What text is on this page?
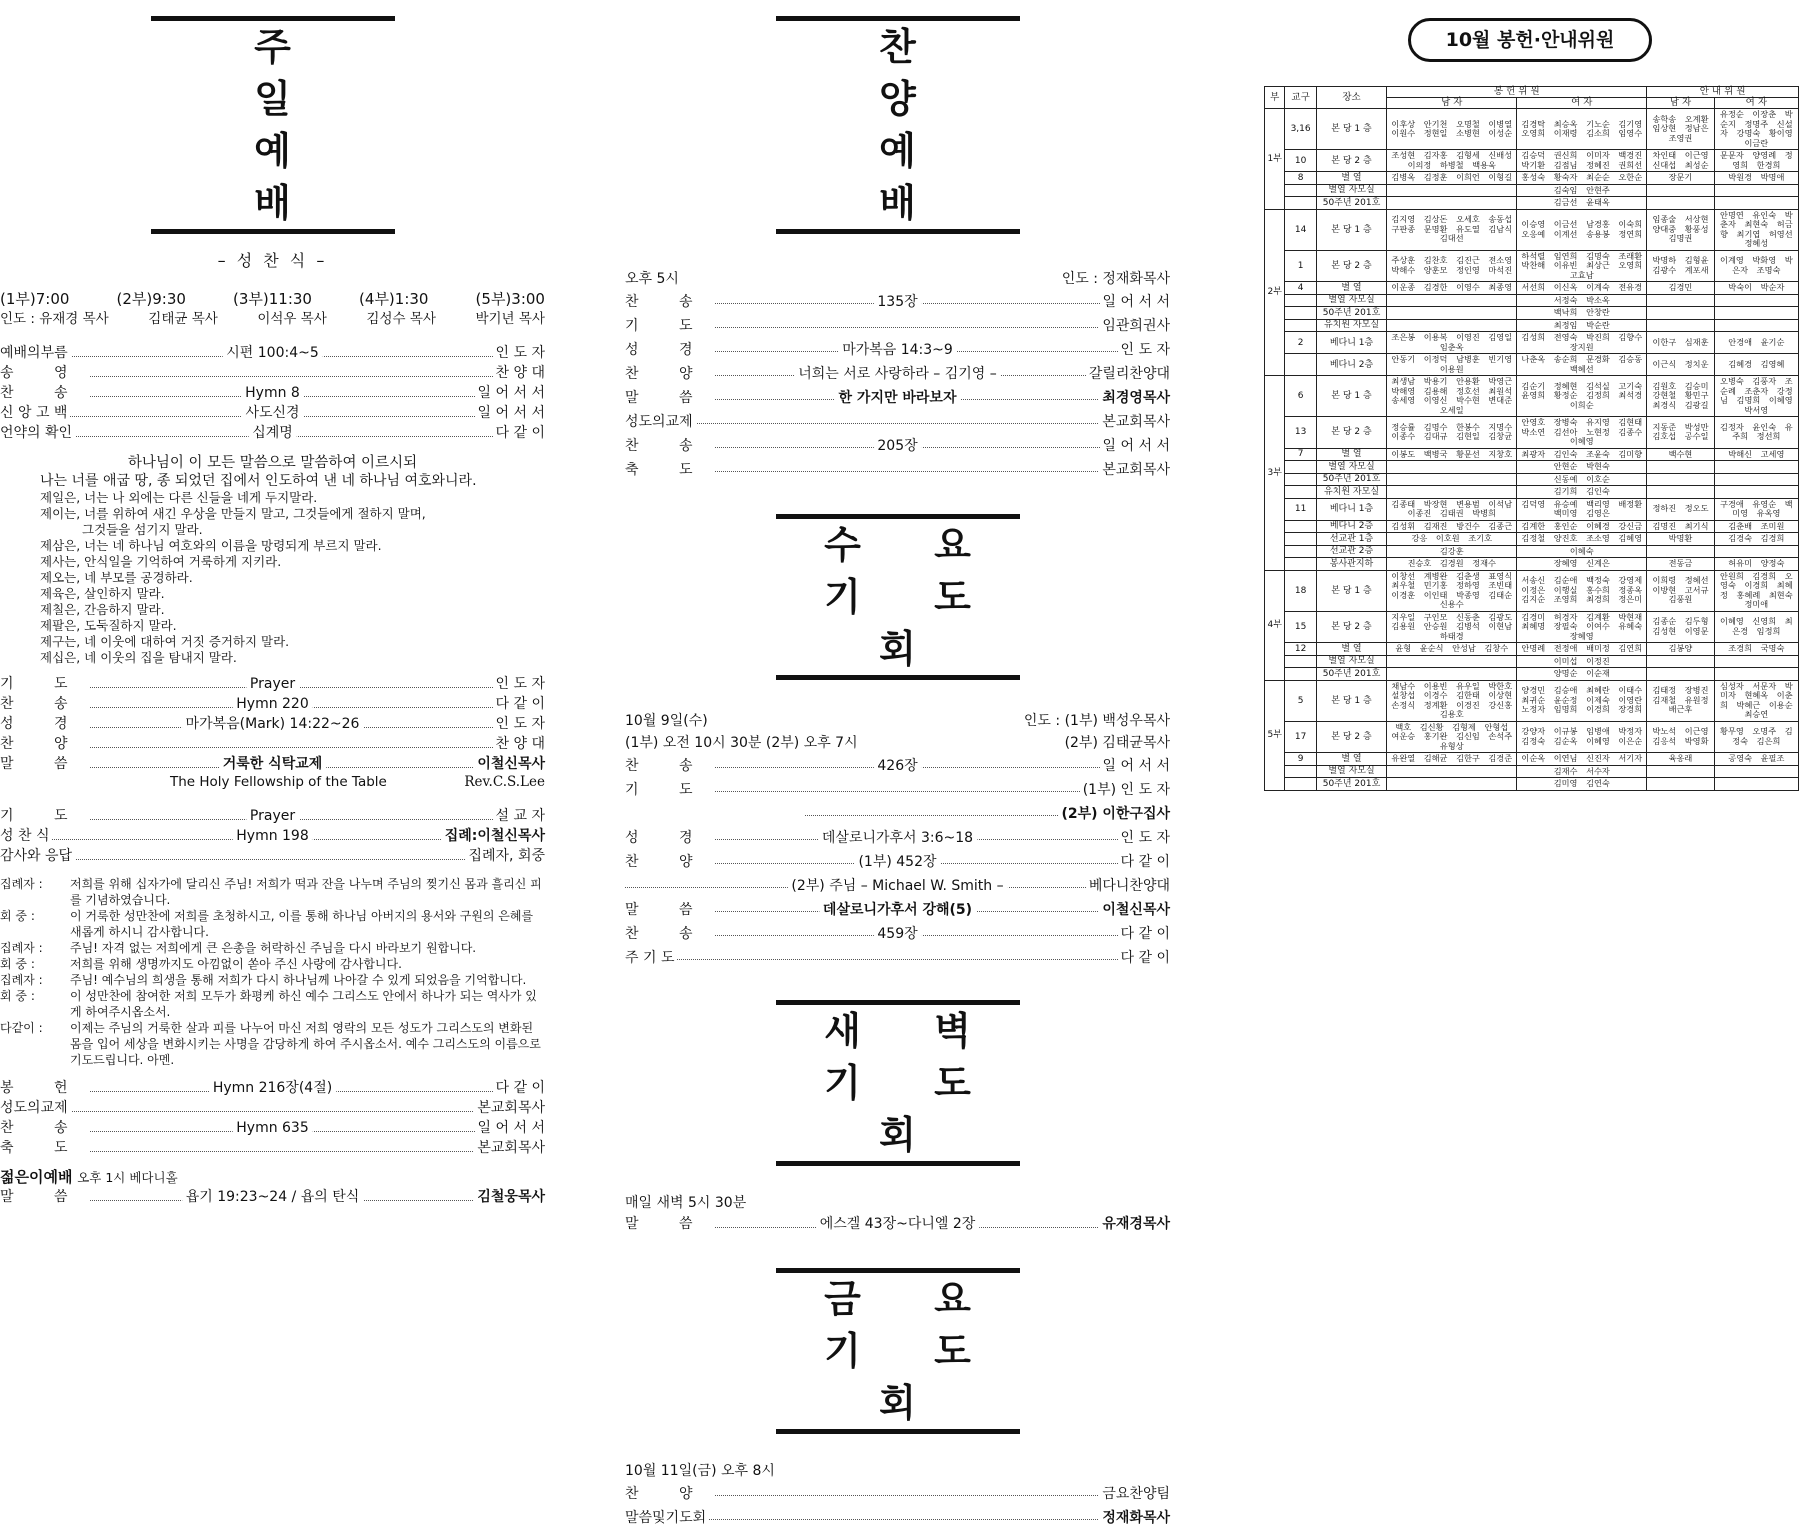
주 일 예 배
– 성 찬 식 –
(1부)7:00	(2부)9:30	(3부)11:30	(4부)1:30	(5부)3:00
인도 : 유재경 목사	김태균 목사	이석우 목사	김성수 목사	박기년 목사
예배의부름	시편 100:4~5	인 도 자
송 영	찬 양 대
찬 송	Hymn 8	일 어 서 서
신 앙 고 백	사도신경	일 어 서 서
언약의 확인	십계명	다 같 이
하나님이 이 모든 말씀으로 말씀하여 이르시되
나는 너를 애굽 땅, 종 되었던 집에서 인도하여 낸 네 하나님 여호와니라.
제일은, 너는 나 외에는 다른 신들을 네게 두지말라.
제이는, 너를 위하여 새긴 우상을 만들지 말고, 그것들에게 절하지 말며,
그것들을 섬기지 말라.
제삼은, 너는 네 하나님 여호와의 이름을 망령되게 부르지 말라.
제사는, 안식일을 기억하여 거룩하게 지키라.
제오는, 네 부모를 공경하라.
제육은, 살인하지 말라.
제칠은, 간음하지 말라.
제팔은, 도둑질하지 말라.
제구는, 네 이웃에 대하여 거짓 증거하지 말라.
제십은, 네 이웃의 집을 탐내지 말라.
기 도	Prayer	인 도 자
찬 송	Hymn 220	다 같 이
성 경	마가복음(Mark) 14:22~26	인 도 자
찬 양	찬 양 대
말 씀	거룩한 식탁교제	이철신목사
The Holy Fellowship of the Table	Rev.C.S.Lee
기 도	Prayer	설 교 자
성 찬 식	Hymn 198	집례:이철신목사
감사와 응답	집례자, 회중
집례자 :	저희를 위해 십자가에 달리신 주님! 저희가 떡과 잔을 나누며 주님의 찢기신 몸과 흘리신 피를 기념하였습니다.
회 중 :	이 거룩한 성만찬에 저희를 초청하시고, 이를 통해 하나님 아버지의 용서와 구원의 은혜를 새롭게 하시니 감사합니다.
집례자 :	주님! 자격 없는 저희에게 큰 은총을 허락하신 주님을 다시 바라보기 원합니다.
회 중 :	저희를 위해 생명까지도 아낌없이 쏟아 주신 사랑에 감사합니다.
집례자 :	주님! 예수님의 희생을 통해 저희가 다시 하나님께 나아갈 수 있게 되었음을 기억합니다.
회 중 :	이 성만찬에 참여한 저희 모두가 화평케 하신 예수 그리스도 안에서 하나가 되는 역사가 있게 하여주시옵소서.
다같이 :	이제는 주님의 거룩한 살과 피를 나누어 마신 저희 영락의 모든 성도가 그리스도의 변화된 몸을 입어 세상을 변화시키는 사명을 감당하게 하여 주시옵소서. 예수 그리스도의 이름으로 기도드립니다. 아멘.
봉 헌	Hymn 216장(4절)	다 같 이
성도의교제	본교회목사
찬 송	Hymn 635	일 어 서 서
축 도	본교회목사
젊은이예배 오후 1시 베다니홀
말 씀	욥기 19:23~24 / 욥의 탄식	김철웅목사
찬 양 예 배
오후 5시	인도 : 정재화목사
찬 송	135장	일 어 서 서
기 도	임관희권사
성 경	마가복음 14:3~9	인 도 자
찬 양	너희는 서로 사랑하라 – 김기영 –	갈릴리찬양대
말 씀	한 가지만 바라보자	최경영목사
성도의교제	본교회목사
찬 송	205장	일 어 서 서
축 도	본교회목사
수 요 기 도 회
10월 9일(수)	인도 : (1부) 백성우목사
(1부) 오전 10시 30분 (2부) 오후 7시	(2부) 김태균목사
찬 송	426장	일 어 서 서
기 도	(1부) 인 도 자
(2부) 이한구집사
성 경	데살로니가후서 3:6~18	인 도 자
찬 양	(1부) 452장	다 같 이
(2부) 주님 – Michael W. Smith –	베다니찬양대
말 씀	데살로니가후서 강해(5)	이철신목사
찬 송	459장	다 같 이
주 기 도	다 같 이
새 벽 기 도 회
매일 새벽 5시 30분
말 씀	에스겔 43장~다니엘 2장	유재경목사
금 요 기 도 회
10월 11일(금) 오후 8시
찬 양	금요찬양팀
말씀및기도회	정재화목사
10월 봉헌·안내위원
부	교구	장소	봉 헌 위 원		안 내 위 원	
			남 자	여 자	남 자	여 자
1부	3,16	본 당 1 층	이후상 안기천 오명철 이병열 이원수 정현일 소병현 이성순	김경탁 최승옥 기노순 김기영 오영희 이재령 김소희 임영수	송학송 오계환 임상현 정남은 조영권	유정순 이장춘 박순지 정명주 신설자 강명숙 황이영 이금란

	10	본 당 2 층	조성현 김자홍 김형세 신배성 이의정 하병철 백용욱	김승덕 권신희 이미자 백경진 박기환 김점님 정혜진 권희선	차인태 이근영 신대섭 최성순	문문자 양영례 정영희 한경희

	8	별 열	김병옥 김정훈 이희언 이형길	홍성숙 황숙자 최순순 오한순	장문기	박원경 박명애

		별열 자모실		김숙임 안현주		

		50주년 201호		김금선 윤태옥		

2부	14	본 당 1 층	김지영 김상돈 오세호 송동섭 구판종 문명환 유도열 김남식 김대선	이승영 이금선 남경홍 이숙희 오응예 이계선 송용봉 정연희	임종술 서상현 양대중 황풍성 김명권	안명연 유인숙 박춘자 최현숙 허금향 최기엽 허영선 정혜성

	1	본 당 2 층	주상훈 김찬호 김진근 전소영 박해수 양훈모 정인영 마석진	하석렬 임연희 김명숙 조래환 박찬해 이유빈 최상근 오영희 고효남	박명하 김형윤 김광수 계포새	이계영 박화영 박은자 조명숙

	4	별 열	이운종 김경한 이영수 최종영	서선희 이신옥 이계숙 전유경	김경민	박숙이 박순자

		별열 자모실		서정숙 박소옥		

		50주년 201호		백낙희 안창란		

		유치원 자모실		최정임 박순란		

	2	베다니 1층	조은봉 이용복 이영진 김영일 임춘옥	김성희 전영숙 박진희 김향수 장지원	이한구 심재훈	안경애 윤기순

		베다니 2층	안동기 이정덕 남병훈 빈기영 이용원	나춘옥 송순희 문경화 김승동 백혜선	이근식 정치운	김혜경 김영혜

3부	6	본 당 1 층	최생남 박용기 안용환 박영근 박해영 김용해 정호선 최원석 송세영 이영신 박수현 변대준 오세일	김순기 정혜현 김석실 고기숙 윤영희 황정순 김정희 최석경 이희순	김원호 김승미 강현철 황민구 최경식 김광길	오병숙 김풍자 조순례 조춘자 강정님 김명희 이혜영 박서영

	13	본 당 2 층	정승률 김명수 한봉수 지명수 이종수 김대규 김현일 김창균	안영호 장병숙 유지영 김현태 박소연 김선아 노현정 김종수 이혜영	지동준 박성만 김호섭 공수일	김정자 윤인숙 유주희 정선희

	7	별 열	이봉도 백병국 황문선 지창호	최광자 김인숙 조윤숙 김미향	백수현	박해신 고세영

		별열 자모실		안현순 박현숙		

		50주년 201호		신동예 이호순		

		유치원 자모실		김기희 김인숙		

	11	베다니 1층	김종태 박장현 변용범 이석남 이종진 김태권 박병희	김덕영 유승예 백리영 배정환 백미영 김영은	정하진 정오도	구경애 유영순 백미영 유옥영

		베다니 2층	김성휘 김재진 방건수 김종근	김계한 홍인순 이혜경 강신금	김명진 최기식	김춘배 조미원

		선교관 1층	강응 이호원 조기호	김정철 양진호 조소영 김혜영	박명환	김경숙 김경희

		선교관 2층	김강훈	이혜숙		

		봉사관지하	진승호 김경원 정재수	장혜영 신계은	전동금	허유미 양정숙

4부	18	본 당 1 층	이창선 계병완 김춘생 표영식 최우철 민기홍 정하영 조빈태 이경훈 이인태 박종영 김태순 신용수	서송신 김순애 백정숙 강영제 이정은 이행실 홍수희 정종옥 김지순 조영희 최경희 정은미	이희령 정혜선 이방현 고서규 김풍원	안원희 김경희 오영숙 이경희 최혜정 홍혜례 최현숙 정미애

	15	본 당 2 층	지우일 구인모 신동춘 김광도 김용원 안승원 김병석 이현남 하태경	김경미 허경자 김계환 박현재 최혜명 장필숙 이여수 유혜숙 장혜영	김종순 김두형 김성현 이영문	이혜영 신영희 최은경 임정희

	12	별 열	윤형 윤순식 안성남 김창수	안명례 전정애 배미정 김연희	김봉양	조경희 국명숙

		별열 자모실		이미섭 이정진		

		50주년 201호		양명순 이순재		

5부	5	본 당 1 층	채남수 이용빈 유우일 박한호 설창섭 이경수 김한태 이상현 손정식 정계환 이경진 강신홍 김용호	양경민 김승애 최혜란 이태수 최귀순 윤순정 이제숙 이영란 노정자 임명희 이경희 장경희	김태정 장병진 김재철 유원정 배근후	심성자 서문자 박미자 현혜옥 이춘희 박혜근 이용순 최승연

	17	본 당 2 층	백호 김신황 김형제 안형섭 여운승 홍기완 김신임 손석주 유형상	강양자 이규봉 임병애 박정자 김정숙 김순옥 이혜영 이은순	박노석 이근영 김응석 박영화	황무영 오명주 김정숙 김은희

	9	별 열	유완열 김해균 김한구 김경준	이순옥 이연님 신진자 서기자	육옹래	공영숙 윤필조

		별열 자모실		김재수 서수자		

		50주년 201호		김미영 김연숙		
